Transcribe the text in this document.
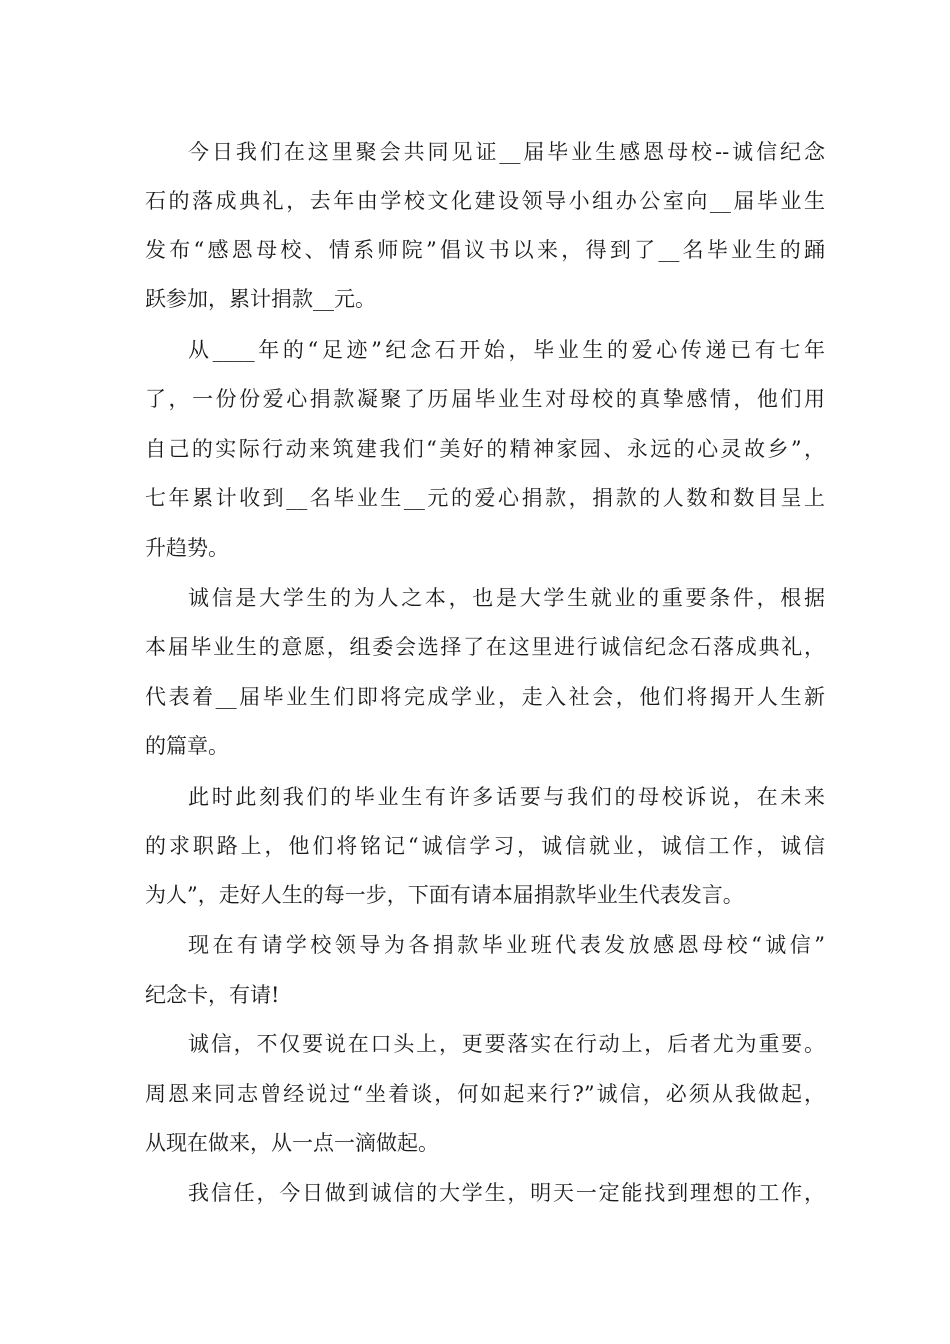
今日我们在这里聚会共同见证__届毕业生感恩母校--诚信纪念

石的落成典礼，去年由学校文化建设领导小组办公室向__届毕业生

发布“感恩母校、情系师院”倡议书以来，得到了__名毕业生的踊

跃参加，累计捐款__元。

从____年的“足迹”纪念石开始，毕业生的爱心传递已有七年

了，一份份爱心捐款凝聚了历届毕业生对母校的真挚感情，他们用

自己的实际行动来筑建我们“美好的精神家园、永远的心灵故乡”，

七年累计收到__名毕业生__元的爱心捐款，捐款的人数和数目呈上

升趋势。

诚信是大学生的为人之本，也是大学生就业的重要条件，根据

本届毕业生的意愿，组委会选择了在这里进行诚信纪念石落成典礼，

代表着__届毕业生们即将完成学业，走入社会，他们将揭开人生新

的篇章。

此时此刻我们的毕业生有许多话要与我们的母校诉说，在未来

的求职路上，他们将铭记“诚信学习，诚信就业，诚信工作，诚信

为人”，走好人生的每一步，下面有请本届捐款毕业生代表发言。

现在有请学校领导为各捐款毕业班代表发放感恩母校“诚信”

纪念卡，有请!

诚信，不仅要说在口头上，更要落实在行动上，后者尤为重要。

周恩来同志曾经说过“坐着谈，何如起来行?”诚信，必须从我做起，

从现在做来，从一点一滴做起。

我信任，今日做到诚信的大学生，明天一定能找到理想的工作，
